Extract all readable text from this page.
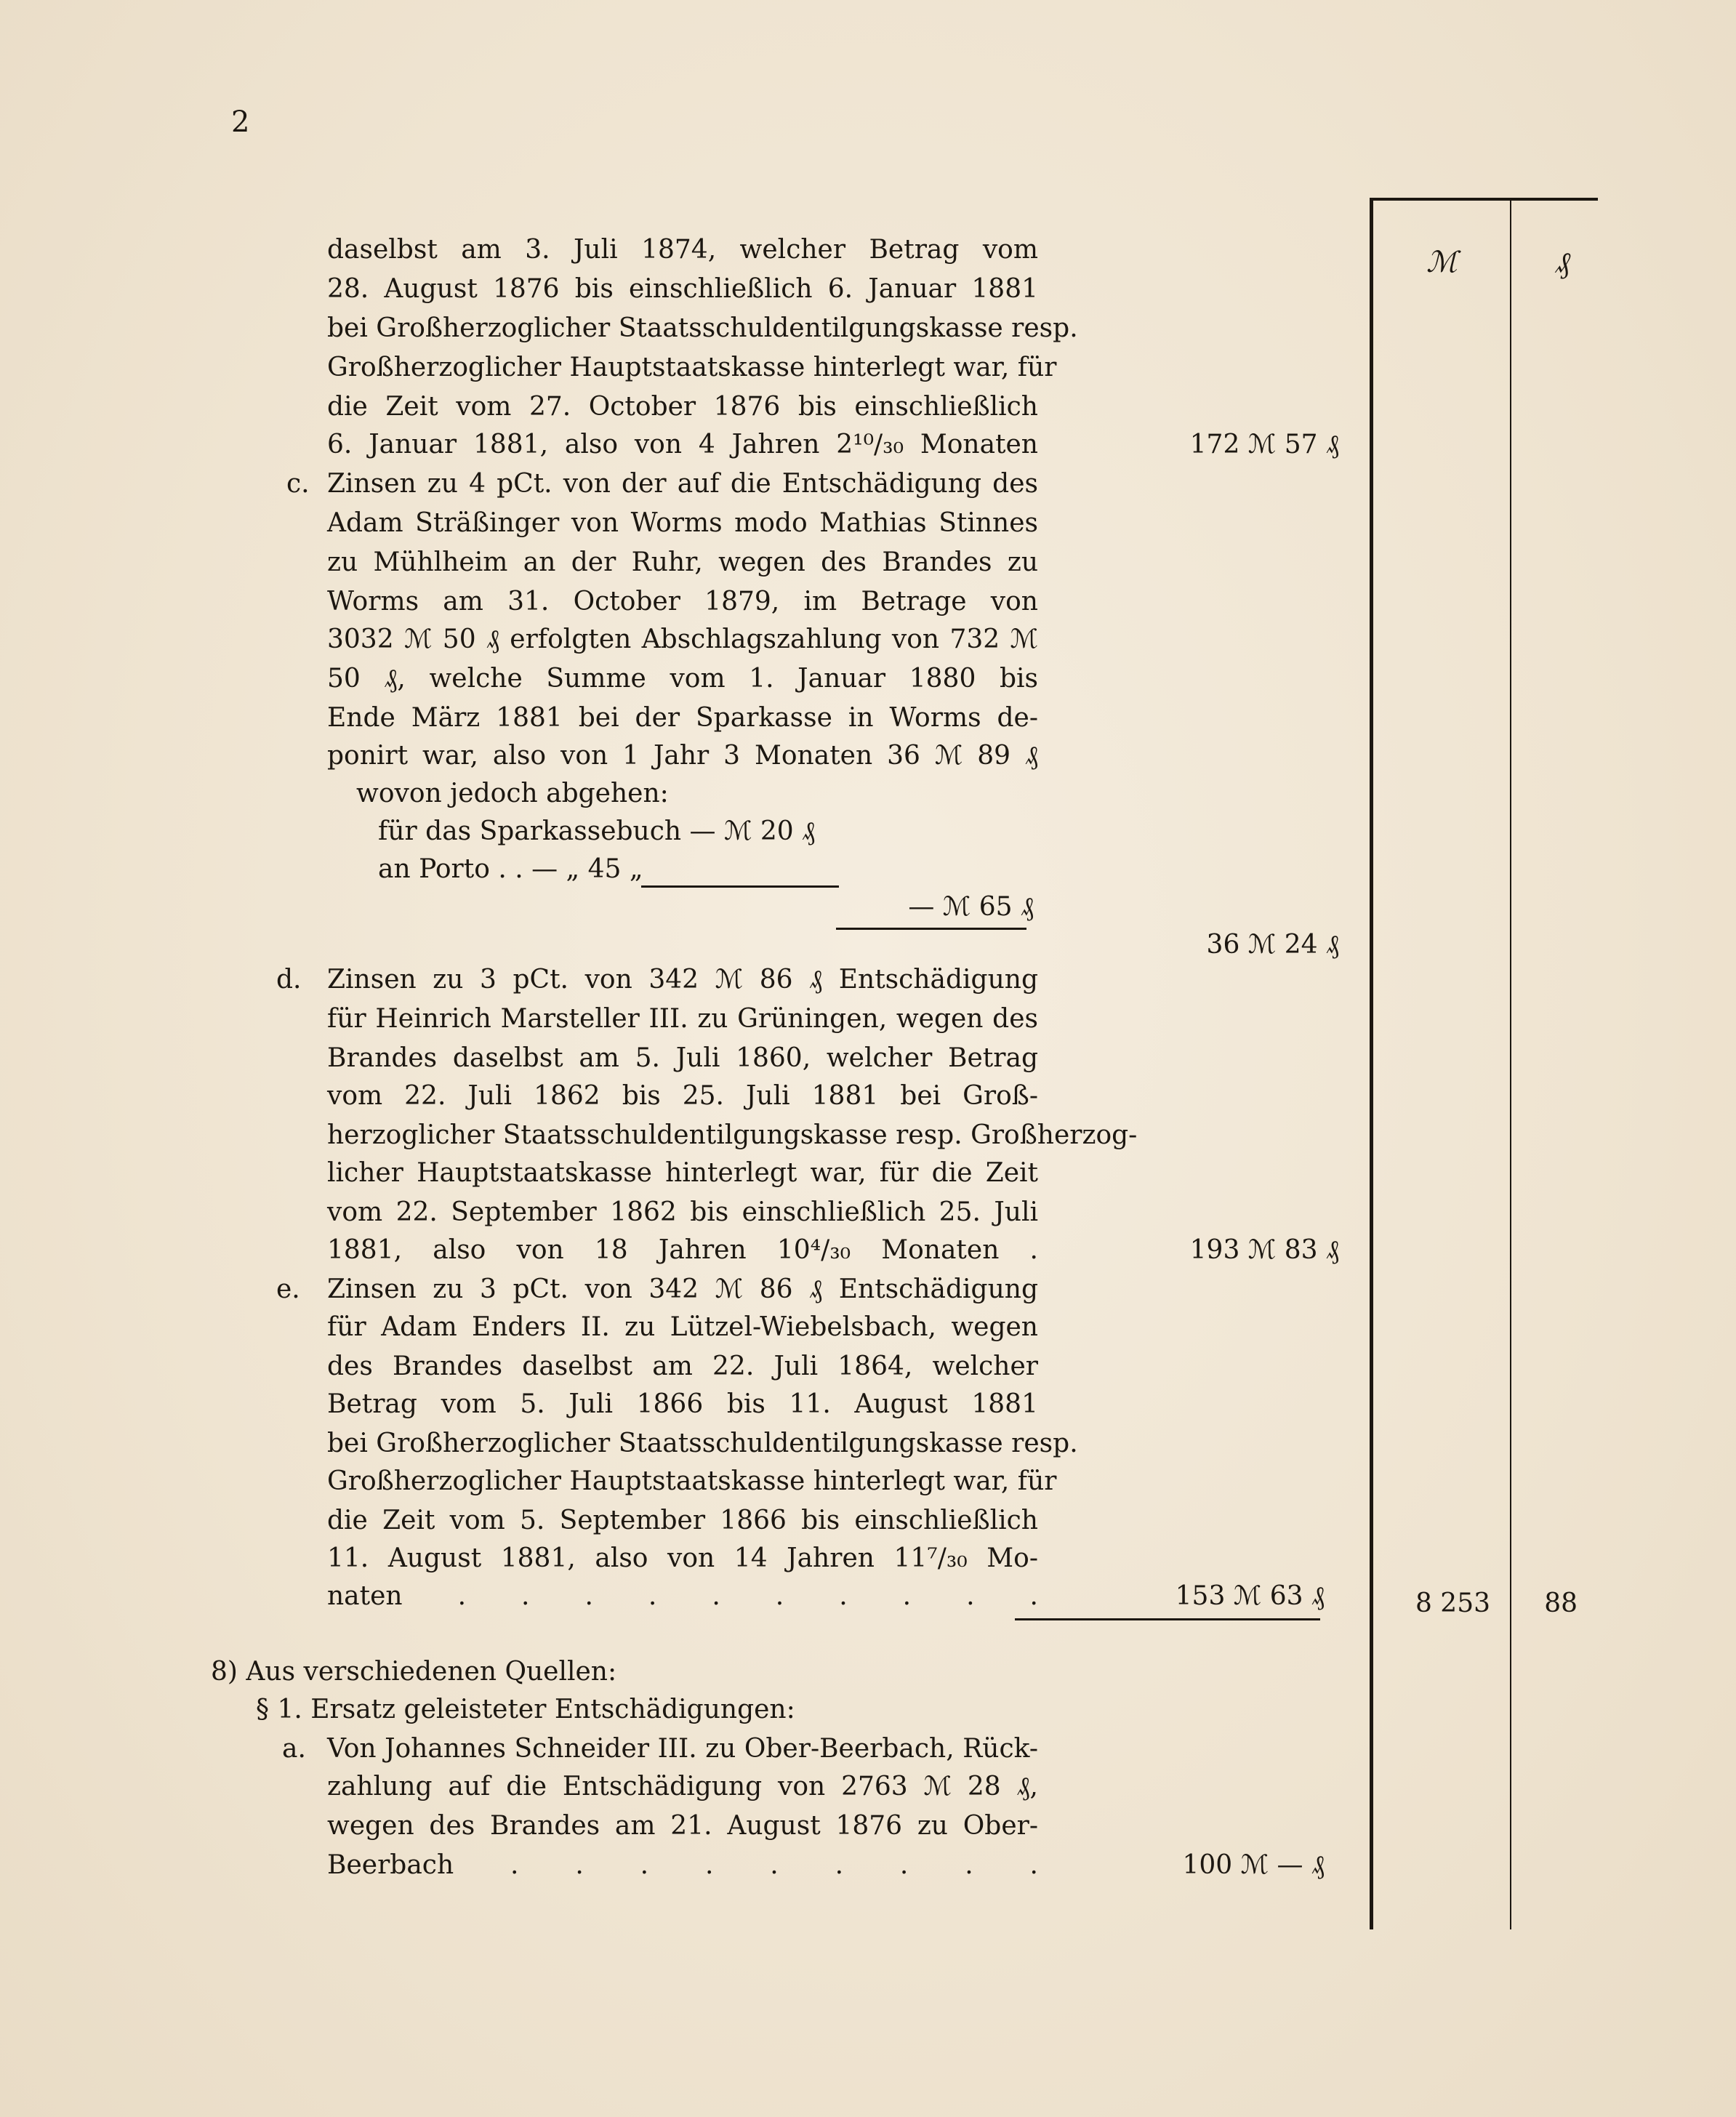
2
ℳ	₰
daselbst am 3. Juli 1874, welcher Betrag vom
28. August 1876 bis einschließlich 6. Januar 1881
bei Großherzoglicher Staatsschuldentilgungskasse resp.
Großherzoglicher Hauptstaatskasse hinterlegt war, für
die Zeit vom 27. October 1876 bis einschließlich
6. Januar 1881, also von 4 Jahren 2¹⁰/₃₀ Monaten	172 ℳ 57 ₰
c. Zinsen zu 4 pCt. von der auf die Entschädigung des
Adam Sträßinger von Worms modo Mathias Stinnes
zu Mühlheim an der Ruhr, wegen des Brandes zu
Worms am 31. October 1879, im Betrage von
3032 ℳ 50 ₰ erfolgten Abschlagszahlung von 732 ℳ
50 ₰, welche Summe vom 1. Januar 1880 bis
Ende März 1881 bei der Sparkasse in Worms de-
ponirt war, also von 1 Jahr 3 Monaten 36 ℳ 89 ₰
wovon jedoch abgehen:
für das Sparkassebuch — ℳ 20 ₰
an Porto . . — „ 45 „
— ℳ 65 ₰
36 ℳ 24 ₰
d. Zinsen zu 3 pCt. von 342 ℳ 86 ₰ Entschädigung
für Heinrich Marsteller III. zu Grüningen, wegen des
Brandes daselbst am 5. Juli 1860, welcher Betrag
vom 22. Juli 1862 bis 25. Juli 1881 bei Groß-
herzoglicher Staatsschuldentilgungskasse resp. Großherzog-
licher Hauptstaatskasse hinterlegt war, für die Zeit
vom 22. September 1862 bis einschließlich 25. Juli
1881, also von 18 Jahren 10⁴/₃₀ Monaten .	193 ℳ 83 ₰
e. Zinsen zu 3 pCt. von 342 ℳ 86 ₰ Entschädigung
für Adam Enders II. zu Lützel-Wiebelsbach, wegen
des Brandes daselbst am 22. Juli 1864, welcher
Betrag vom 5. Juli 1866 bis 11. August 1881
bei Großherzoglicher Staatsschuldentilgungskasse resp.
Großherzoglicher Hauptstaatskasse hinterlegt war, für
die Zeit vom 5. September 1866 bis einschließlich
11. August 1881, also von 14 Jahren 11⁷/₃₀ Mo-
naten . . . . . . . . . .	153 ℳ 63 ₰	8 253	88
8) Aus verschiedenen Quellen:
§ 1. Ersatz geleisteter Entschädigungen:
a. Von Johannes Schneider III. zu Ober-Beerbach, Rück-
zahlung auf die Entschädigung von 2763 ℳ 28 ₰,
wegen des Brandes am 21. August 1876 zu Ober-
Beerbach . . . . . . . . .	100 ℳ — ₰
